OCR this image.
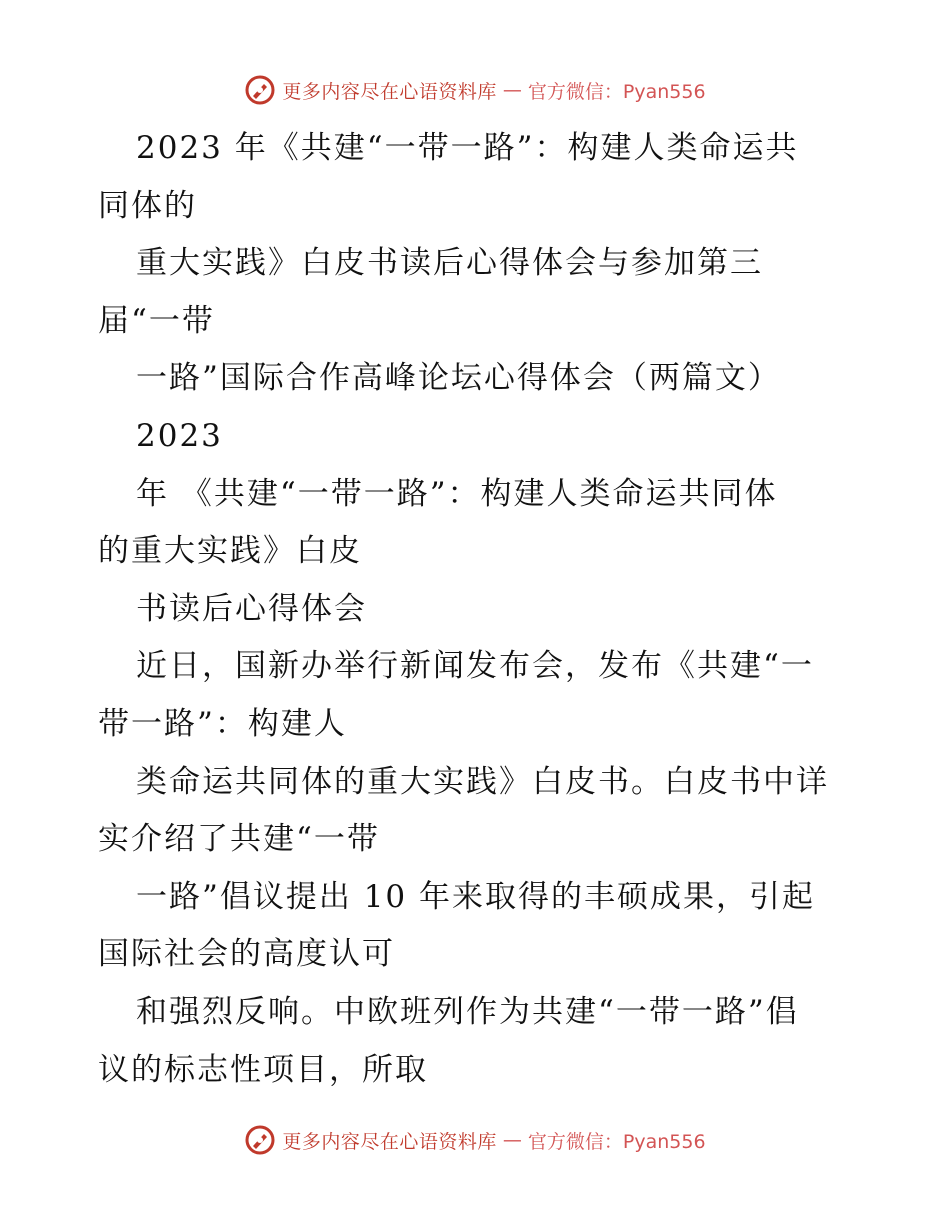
更多内容尽在心语资料库 — 官方微信：Pyan556
2023 年《共建“一带一路”：构建人类命运共
同体的
重大实践》白皮书读后心得体会与参加第三
届“一带
一路”国际合作高峰论坛心得体会（两篇文）
2023
年 《共建“一带一路”：构建人类命运共同体
的重大实践》白皮
书读后心得体会
近日，国新办举行新闻发布会，发布《共建“一
带一路”：构建人
类命运共同体的重大实践》白皮书。白皮书中详
实介绍了共建“一带
一路”倡议提出 10 年来取得的丰硕成果，引起
国际社会的高度认可
和强烈反响。中欧班列作为共建“一带一路”倡
议的标志性项目，所取
更多内容尽在心语资料库 — 官方微信：Pyan556
